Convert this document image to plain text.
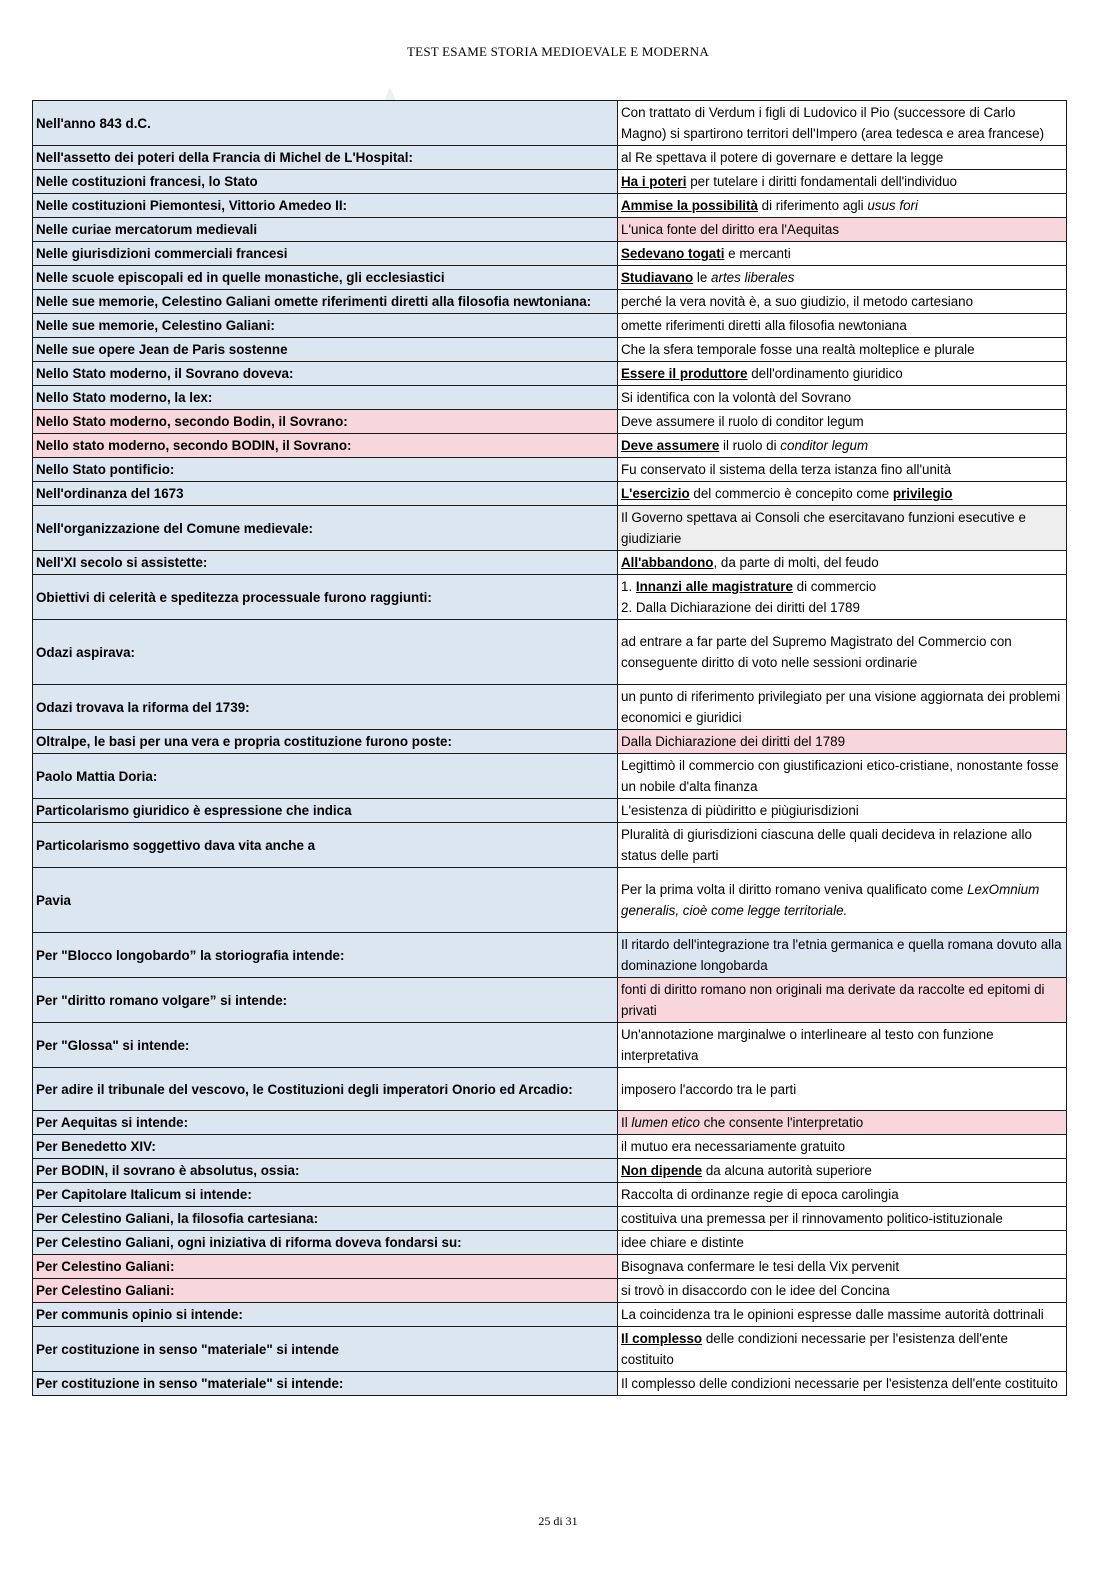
TEST ESAME STORIA MEDIOEVALE E MODERNA
Nell'anno 843 d.C.	Con trattato di Verdum i figli di Ludovico il Pio (successore di Carlo Magno) si spartirono territori dell'Impero (area tedesca e area francese)
Nell'assetto dei poteri della Francia di Michel de L'Hospital:	al Re spettava il potere di governare e dettare la legge
Nelle costituzioni francesi, lo Stato	Ha i poteri per tutelare i diritti fondamentali dell'individuo
Nelle costituzioni Piemontesi, Vittorio Amedeo II:	Ammise la possibilità di riferimento agli usus fori
Nelle curiae mercatorum medievali	L'unica fonte del diritto era l'Aequitas
Nelle giurisdizioni commerciali francesi	Sedevano togati e mercanti
Nelle scuole episcopali ed in quelle monastiche, gli ecclesiastici	Studiavano le artes liberales
Nelle sue memorie, Celestino Galiani omette riferimenti diretti alla filosofia newtoniana:	perché la vera novità è, a suo giudizio, il metodo cartesiano
Nelle sue memorie, Celestino Galiani:	omette riferimenti diretti alla filosofia newtoniana
Nelle sue opere Jean de Paris sostenne	Che la sfera temporale fosse una realtà molteplice e plurale
Nello Stato moderno, il Sovrano doveva:	Essere il produttore dell'ordinamento giuridico
Nello Stato moderno, la lex:	Si identifica con la volontà del Sovrano
Nello Stato moderno, secondo Bodin, il Sovrano:	Deve assumere il ruolo di conditor legum
Nello stato moderno, secondo BODIN, il Sovrano:	Deve assumere il ruolo di conditor legum
Nello Stato pontificio:	Fu conservato il sistema della terza istanza fino all'unità
Nell'ordinanza del 1673	L'esercizio del commercio è concepito come privilegio
Nell'organizzazione del Comune medievale:	Il Governo spettava ai Consoli che esercitavano funzioni esecutive e giudiziarie
Nell'XI secolo si assistette:	All'abbandono, da parte di molti, del feudo
Obiettivi di celerità e speditezza processuale furono raggiunti:	1. Innanzi alle magistrature di commercio
2. Dalla Dichiarazione dei diritti del 1789
Odazi aspirava:	ad entrare a far parte del Supremo Magistrato del Commercio con conseguente diritto di voto nelle sessioni ordinarie
Odazi trovava la riforma del 1739:	un punto di riferimento privilegiato per una visione aggiornata dei problemi economici e giuridici
Oltralpe, le basi per una vera e propria costituzione furono poste:	Dalla Dichiarazione dei diritti del 1789
Paolo Mattia Doria:	Legittimò il commercio con giustificazioni etico-cristiane, nonostante fosse un nobile d'alta finanza
Particolarismo giuridico è espressione che indica	L'esistenza di piùdiritto e piùgiurisdizioni
Particolarismo soggettivo dava vita anche a	Pluralità di giurisdizioni ciascuna delle quali decideva in relazione allo status delle parti
Pavia	Per la prima volta il diritto romano veniva qualificato come LexOmnium generalis, cioè come legge territoriale.
Per "Blocco longobardo” la storiografia intende:	Il ritardo dell'integrazione tra l'etnia germanica e quella romana dovuto alla dominazione longobarda
Per "diritto romano volgare” si intende:	fonti di diritto romano non originali ma derivate da raccolte ed epitomi di privati
Per "Glossa" si intende:	Un'annotazione marginalwe o interlineare al testo con funzione interpretativa
Per adire il tribunale del vescovo, le Costituzioni degli imperatori Onorio ed Arcadio:	imposero l'accordo tra le parti
Per Aequitas si intende:	Il lumen etico che consente l'interpretatio
Per Benedetto XIV:	il mutuo era necessariamente gratuito
Per BODIN, il sovrano è absolutus, ossia:	Non dipende da alcuna autorità superiore
Per Capitolare Italicum si intende:	Raccolta di ordinanze regie di epoca carolingia
Per Celestino Galiani, la filosofia cartesiana:	costituiva una premessa per il rinnovamento politico-istituzionale
Per Celestino Galiani, ogni iniziativa di riforma doveva fondarsi su:	idee chiare e distinte
Per Celestino Galiani:	Bisognava confermare le tesi della Vix pervenit
Per Celestino Galiani:	si trovò in disaccordo con le idee del Concina
Per communis opinio si intende:	La coincidenza tra le opinioni espresse dalle massime autorità dottrinali
Per costituzione in senso "materiale" si intende	Il complesso delle condizioni necessarie per l'esistenza dell'ente costituito
Per costituzione in senso "materiale" si intende:	Il complesso delle condizioni necessarie per l'esistenza dell'ente costituito
25 di 31
